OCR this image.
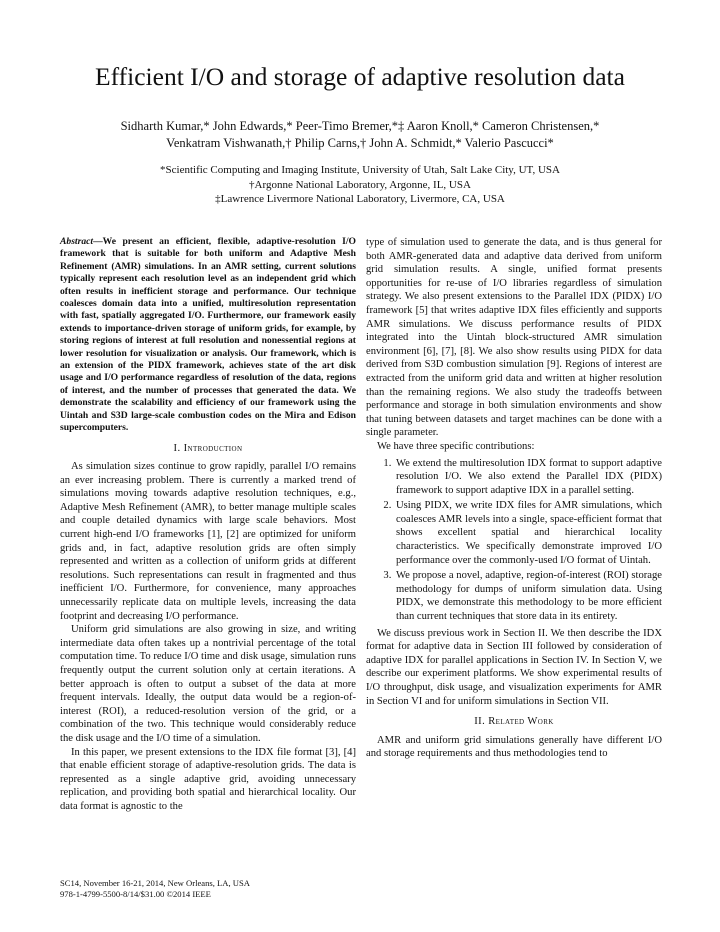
Efficient I/O and storage of adaptive resolution data
Sidharth Kumar,* John Edwards,* Peer-Timo Bremer,*‡ Aaron Knoll,* Cameron Christensen,*
Venkatram Vishwanath,† Philip Carns,† John A. Schmidt,* Valerio Pascucci*
*Scientific Computing and Imaging Institute, University of Utah, Salt Lake City, UT, USA
†Argonne National Laboratory, Argonne, IL, USA
‡Lawrence Livermore National Laboratory, Livermore, CA, USA

Abstract—We present an efficient, flexible, adaptive-resolution I/O framework that is suitable for both uniform and Adaptive Mesh Refinement (AMR) simulations. In an AMR setting, current solutions typically represent each resolution level as an independent grid which often results in inefficient storage and performance. Our technique coalesces domain data into a unified, multiresolution representation with fast, spatially aggregated I/O. Furthermore, our framework easily extends to importance-driven storage of uniform grids, for example, by storing regions of interest at full resolution and nonessential regions at lower resolution for visualization or analysis. Our framework, which is an extension of the PIDX framework, achieves state of the art disk usage and I/O performance regardless of resolution of the data, regions of interest, and the number of processes that generated the data. We demonstrate the scalability and efficiency of our framework using the Uintah and S3D large-scale combustion codes on the Mira and Edison supercomputers.

I. Introduction

As simulation sizes continue to grow rapidly, parallel I/O remains an ever increasing problem. There is currently a marked trend of simulations moving towards adaptive resolution techniques, e.g., Adaptive Mesh Refinement (AMR), to better manage multiple scales and couple detailed dynamics with large scale behaviors. Most current high-end I/O frameworks [1], [2] are optimized for uniform grids and, in fact, adaptive resolution grids are often simply represented and written as a collection of uniform grids at different resolutions. Such representations can result in fragmented and thus inefficient I/O. Furthermore, for convenience, many approaches unnecessarily replicate data on multiple levels, increasing the data footprint and decreasing I/O performance.

Uniform grid simulations are also growing in size, and writing intermediate data often takes up a nontrivial percentage of the total computation time. To reduce I/O time and disk usage, simulation runs frequently output the current solution only at certain iterations. A better approach is often to output a subset of the data at more frequent intervals. Ideally, the output data would be a region-of-interest (ROI), a reduced-resolution version of the grid, or a combination of the two. This technique would considerably reduce the disk usage and the I/O time of a simulation.

In this paper, we present extensions to the IDX file format [3], [4] that enable efficient storage of adaptive-resolution grids. The data is represented as a single adaptive grid, avoiding unnecessary replication, and providing both spatial and hierarchical locality. Our data format is agnostic to the

type of simulation used to generate the data, and is thus general for both AMR-generated data and adaptive data derived from uniform grid simulation results. A single, unified format presents opportunities for re-use of I/O libraries regardless of simulation strategy. We also present extensions to the Parallel IDX (PIDX) I/O framework [5] that writes adaptive IDX files efficiently and supports AMR simulations. We discuss performance results of PIDX integrated into the Uintah block-structured AMR simulation environment [6], [7], [8]. We also show results using PIDX for data derived from S3D combustion simulation [9]. Regions of interest are extracted from the uniform grid data and written at higher resolution than the remaining regions. We also study the tradeoffs between performance and storage in both simulation environments and show that tuning between datasets and target machines can be done with a single parameter.

We have three specific contributions:

1. We extend the multiresolution IDX format to support adaptive resolution I/O. We also extend the Parallel IDX (PIDX) framework to support adaptive IDX in a parallel setting.
2. Using PIDX, we write IDX files for AMR simulations, which coalesces AMR levels into a single, space-efficient format that shows excellent spatial and hierarchical locality characteristics. We specifically demonstrate improved I/O performance over the commonly-used I/O format of Uintah.
3. We propose a novel, adaptive, region-of-interest (ROI) storage methodology for dumps of uniform simulation data. Using PIDX, we demonstrate this methodology to be more efficient than current techniques that store data in its entirety.

We discuss previous work in Section II. We then describe the IDX format for adaptive data in Section III followed by consideration of adaptive IDX for parallel applications in Section IV. In Section V, we describe our experiment platforms. We show experimental results of I/O throughput, disk usage, and visualization experiments for AMR in Section VI and for uniform simulations in Section VII.

II. Related Work

AMR and uniform grid simulations generally have different I/O and storage requirements and thus methodologies tend to

SC14, November 16-21, 2014, New Orleans, LA, USA
978-1-4799-5500-8/14/$31.00 ©2014 IEEE
